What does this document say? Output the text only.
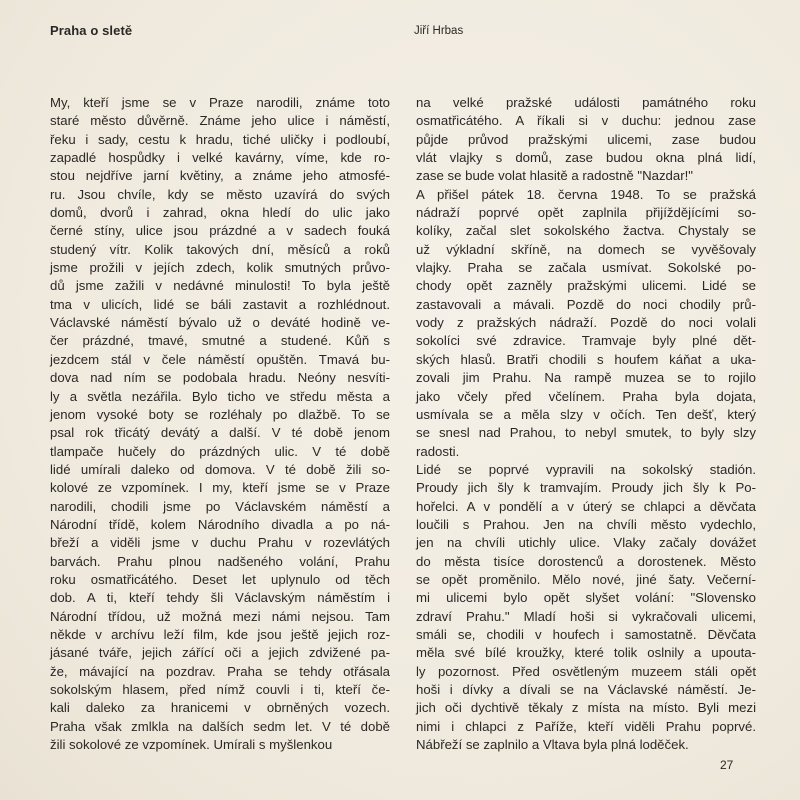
Praha o sletě	Jiří Hrbas
My, kteří jsme se v Praze narodili, známe toto
staré město důvěrně. Známe jeho ulice i náměstí,
řeku i sady, cestu k hradu, tiché uličky i podloubí,
zapadlé hospůdky i velké kavárny, víme, kde ro-
stou nejdříve jarní květiny, a známe jeho atmosfé-
ru. Jsou chvíle, kdy se město uzavírá do svých
domů, dvorů i zahrad, okna hledí do ulic jako
černé stíny, ulice jsou prázdné a v sadech fouká
studený vítr. Kolik takových dní, měsíců a roků
jsme prožili v jejích zdech, kolik smutných průvo-
dů jsme zažili v nedávné minulosti! To byla ještě
tma v ulicích, lidé se báli zastavit a rozhlédnout.
Václavské náměstí bývalo už o deváté hodině ve-
čer prázdné, tmavé, smutné a studené. Kůň s
jezdcem stál v čele náměstí opuštěn. Tmavá bu-
dova nad ním se podobala hradu. Neóny nesvíti-
ly a světla nezářila. Bylo ticho ve středu města a
jenom vysoké boty se rozléhaly po dlažbě. To se
psal rok třicátý devátý a další. V té době jenom
tlampače hučely do prázdných ulic. V té době
lidé umírali daleko od domova. V té době žili so-
kolové ze vzpomínek. I my, kteří jsme se v Praze
narodili, chodili jsme po Václavském náměstí a
Národní třídě, kolem Národního divadla a po ná-
břeží a viděli jsme v duchu Prahu v rozevlátých
barvách. Prahu plnou nadšeného volání, Prahu
roku osmatřicátého. Deset let uplynulo od těch
dob. A ti, kteří tehdy šli Václavským náměstím i
Národní třídou, už možná mezi námi nejsou. Tam
někde v archívu leží film, kde jsou ještě jejich roz-
jásané tváře, jejich zářící oči a jejich zdvižené pa-
že, mávající na pozdrav. Praha se tehdy otřásala
sokolským hlasem, před nímž couvli i ti, kteří če-
kali daleko za hranicemi v obrněných vozech.
Praha však zmlkla na dalších sedm let. V té době
žili sokolové ze vzpomínek. Umírali s myšlenkou
na velké pražské události památného roku
osmatřicátého. A říkali si v duchu: jednou zase
půjde průvod pražskými ulicemi, zase budou
vlát vlajky s domů, zase budou okna plná lidí,
zase se bude volat hlasitě a radostně "Nazdar!"
A přišel pátek 18. června 1948. To se pražská
nádraží poprvé opět zaplnila přijíždějícími so-
kolíky, začal slet sokolského žactva. Chystaly se
už výkladní skříně, na domech se vyvěšovaly
vlajky. Praha se začala usmívat. Sokolské po-
chody opět zazněly pražskými ulicemi. Lidé se
zastavovali a mávali. Pozdě do noci chodily prů-
vody z pražských nádraží. Pozdě do noci volali
sokolíci své zdravice. Tramvaje byly plné dět-
ských hlasů. Bratři chodili s houfem káňat a uka-
zovali jim Prahu. Na rampě muzea se to rojilo
jako včely před včelínem. Praha byla dojata,
usmívala se a měla slzy v očích. Ten dešť, který
se snesl nad Prahou, to nebyl smutek, to byly slzy
radosti.
Lidé se poprvé vypravili na sokolský stadión.
Proudy jich šly k tramvajím. Proudy jich šly k Po-
hořelci. A v pondělí a v úterý se chlapci a děvčata
loučili s Prahou. Jen na chvíli město vydechlo,
jen na chvíli utichly ulice. Vlaky začaly dovážet
do města tisíce dorostenců a dorostenek. Město
se opět proměnilo. Mělo nové, jiné šaty. Večerní-
mi ulicemi bylo opět slyšet volání: "Slovensko
zdraví Prahu." Mladí hoši si vykračovali ulicemi,
smáli se, chodili v houfech i samostatně. Děvčata
měla své bílé kroužky, které tolik oslnily a upouta-
ly pozornost. Před osvětleným muzeem stáli opět
hoši i dívky a dívali se na Václavské náměstí. Je-
jich oči dychtivě těkaly z místa na místo. Byli mezi
nimi i chlapci z Paříže, kteří viděli Prahu poprvé.
Nábřeží se zaplnilo a Vltava byla plná loděček.
27
